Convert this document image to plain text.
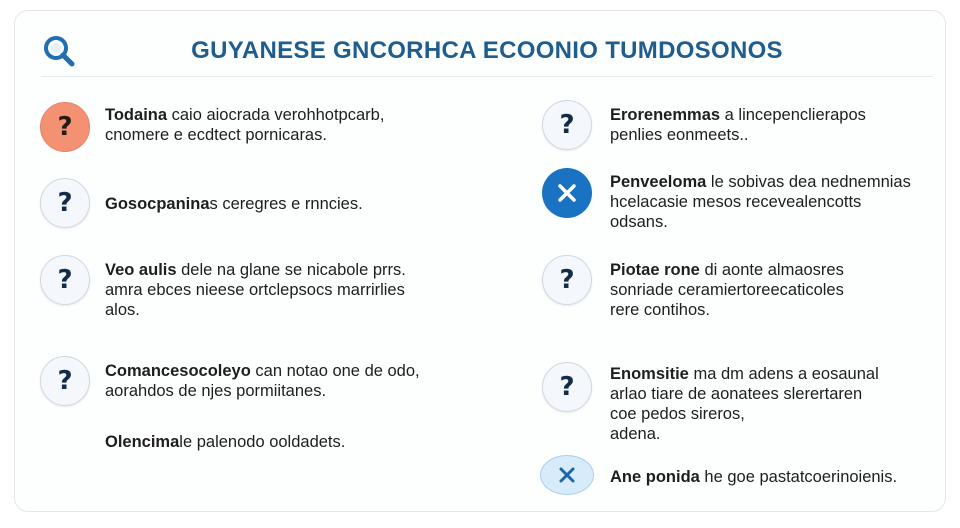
GUYANESE GNCORHCA ECOONIO TUMDOSONOS
?	Todaina caio aiocrada verohhotpcarb,
cnomere e ecdtect pornicaras.
?	Gosocpaninas ceregres e rnncies.
?	Veo aulis dele na glane se nicabole prrs.
amra ebces nieese ortclepsocs marrirlies
alos.
?	Comancesocoleyo can notao one de odo,
aorahdos de njes pormiitanes.
Olencimale palenodo ooldadets.
?	Erorenemmas a lincepenclierapos
penlies eonmeets..
Penveeloma le sobivas dea nednemnias
hcelacasie mesos recevealencotts
odsans.
?	Piotae rone di aonte almaosres
sonriade ceramiertoreecaticoles
rere contihos.
?	Enomsitie ma dm adens a eosaunal
arlao tiare de aonatees slerertaren
coe pedos sireros,
adena.
Ane ponida he goe pastatcoerinoienis.
